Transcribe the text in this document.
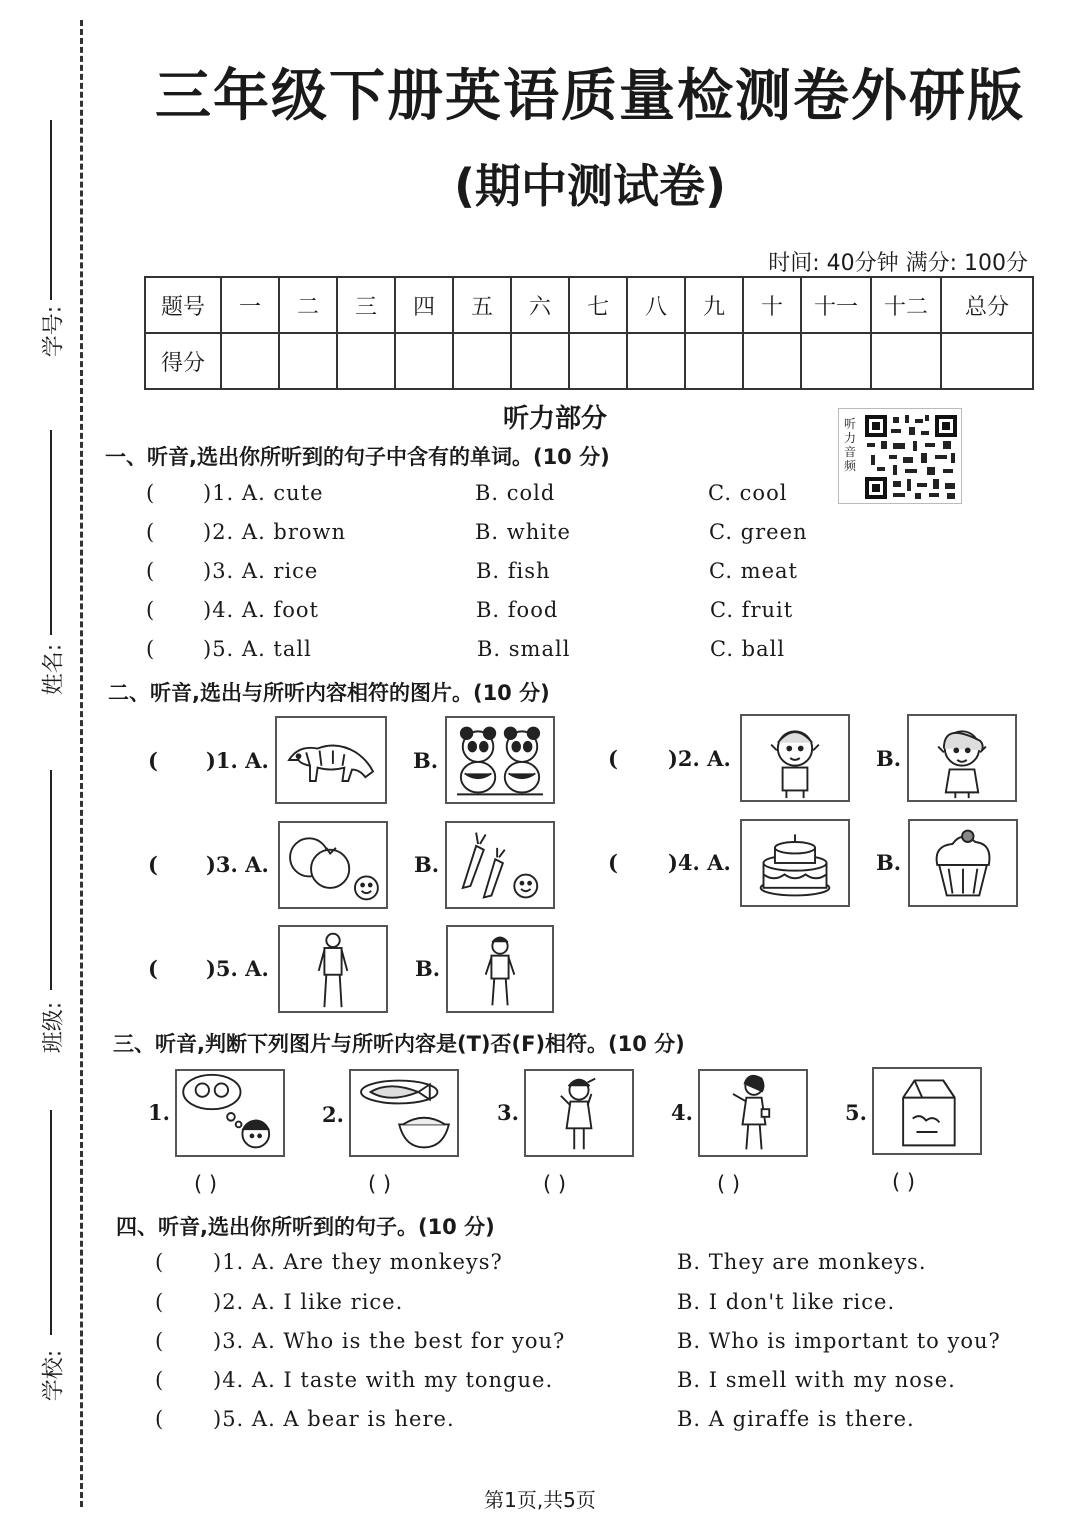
学号:
姓名:
班级:
学校:
三年级下册英语质量检测卷外研版
(期中测试卷)
时间: 40分钟 满分: 100分
题号	一	二	三	四	五	六	七	八	九	十	十一	十二	总分
得分													
听力部分	听力音频
一、听音,选出你所听到的句子中含有的单词。(10 分)
( )1. A. cute	B. cold	C. cool
( )2. A. brown	B. white	C. green
( )3. A. rice	B. fish	C. meat
( )4. A. foot	B. food	C. fruit
( )5. A. tall	B. small	C. ball
二、听音,选出与所听内容相符的图片。(10 分)
( )1. A.	B.	( )2. A.	B.
( )3. A.	B.	( )4. A.	B.
( )5. A.	B.
三、听音,判断下列图片与所听内容是(T)否(F)相符。(10 分)
1.
( )
2.
( )
3.
( )
4.
( )
5.
( )
四、听音,选出你所听到的句子。(10 分)
( )1. A. Are they monkeys?	B. They are monkeys.
( )2. A. I like rice.	B. I don't like rice.
( )3. A. Who is the best for you?	B. Who is important to you?
( )4. A. I taste with my tongue.	B. I smell with my nose.
( )5. A. A bear is here.	B. A giraffe is there.
第1页,共5页
